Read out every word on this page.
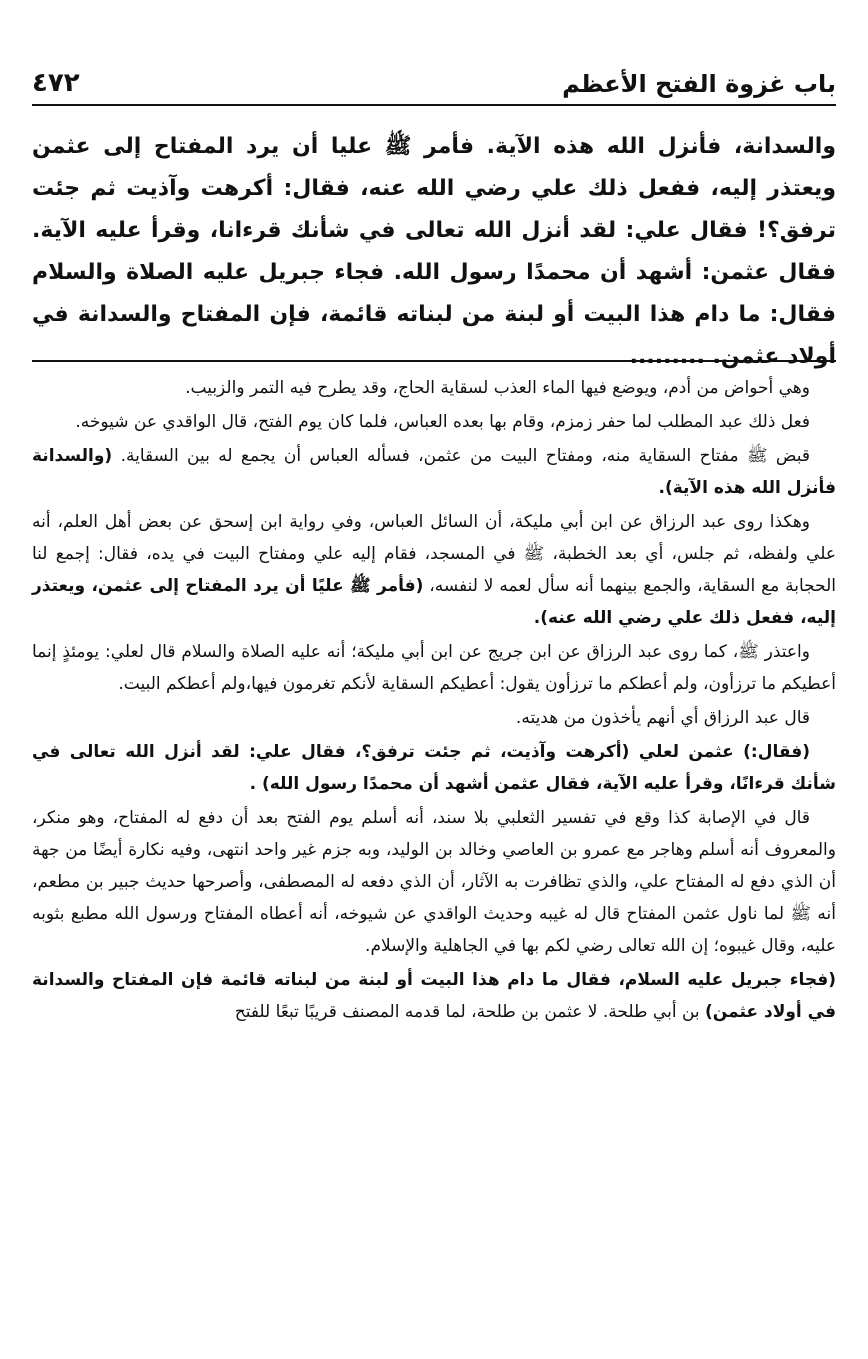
باب غزوة الفتح الأعظم
٤٧٢

والسدانة، فأنزل الله هذه الآية. فأمر ﷺ عليا أن يرد المفتاح إلى عثمن ويعتذر إليه، ففعل ذلك علي رضي الله عنه، فقال: أكرهت وآذيت ثم جئت ترفق؟! فقال علي: لقد أنزل الله تعالى في شأنك قرءانا، وقرأ عليه الآية. فقال عثمن: أشهد أن محمدًا رسول الله. فجاء جبريل عليه الصلاة والسلام فقال: ما دام هذا البيت أو لبنة من لبناته قائمة، فإن المفتاح والسدانة في أولاد عثمن. .........

وهي أحواض من أدم، ويوضع فيها الماء العذب لسقاية الحاج، وقد يطرح فيه التمر والزبيب.

فعل ذلك عبد المطلب لما حفر زمزم، وقام بها بعده العباس، فلما كان يوم الفتح، قال الواقدي عن شيوخه.

قبض ﷺ مفتاح السقاية منه، ومفتاح البيت من عثمن، فسأله العباس أن يجمع له بين السقاية. (والسدانة فأنزل الله هذه الآية).

وهكذا روى عبد الرزاق عن ابن أبي مليكة، أن السائل العباس، وفي رواية ابن إسحق عن بعض أهل العلم، أنه علي ولفظه، ثم جلس، أي بعد الخطبة، ﷺ في المسجد، فقام إليه علي ومفتاح البيت في يده، فقال: إجمع لنا الحجابة مع السقاية، والجمع بينهما أنه سأل لعمه لا لنفسه، (فأمر ﷺ عليًا أن يرد المفتاح إلى عثمن، ويعتذر إليه، ففعل ذلك علي رضي الله عنه).

واعتذر ﷺ، كما روى عبد الرزاق عن ابن جريج عن ابن أبي مليكة؛ أنه عليه الصلاة والسلام قال لعلي: يومئذٍ إنما أعطيكم ما ترزأون، ولم أعطكم ما ترزأون يقول: أعطيكم السقاية لأنكم تغرمون فيها،ولم أعطكم البيت.

قال عبد الرزاق أي أنهم يأخذون من هديته.

(فقال:) عثمن لعلي (أكرهت وآذيت، ثم جئت ترفق؟، فقال علي: لقد أنزل الله تعالى في شأنك قرءانًا، وقرأ عليه الآية، فقال عثمن أشهد أن محمدًا رسول الله) .

قال في الإصابة كذا وقع في تفسير الثعلبي بلا سند، أنه أسلم يوم الفتح بعد أن دفع له المفتاح، وهو منكر، والمعروف أنه أسلم وهاجر مع عمرو بن العاصي وخالد بن الوليد، وبه جزم غير واحد انتهى، وفيه نكارة أيضًا من جهة أن الذي دفع له المفتاح علي، والذي تظافرت به الآثار، أن الذي دفعه له المصطفى، وأصرحها حديث جبير بن مطعم، أنه ﷺ لما ناول عثمن المفتاح قال له غيبه وحديث الواقدي عن شيوخه، أنه أعطاه المفتاح ورسول الله مطبع بثوبه عليه، وقال غيبوه؛ إن الله تعالى رضي لكم بها في الجاهلية والإسلام.

(فجاء جبريل عليه السلام، فقال ما دام هذا البيت أو لبنة من لبناته قائمة فإن المفتاح والسدانة في أولاد عثمن) بن أبي طلحة. لا عثمن بن طلحة، لما قدمه المصنف قريبًا تبعًا للفتح
